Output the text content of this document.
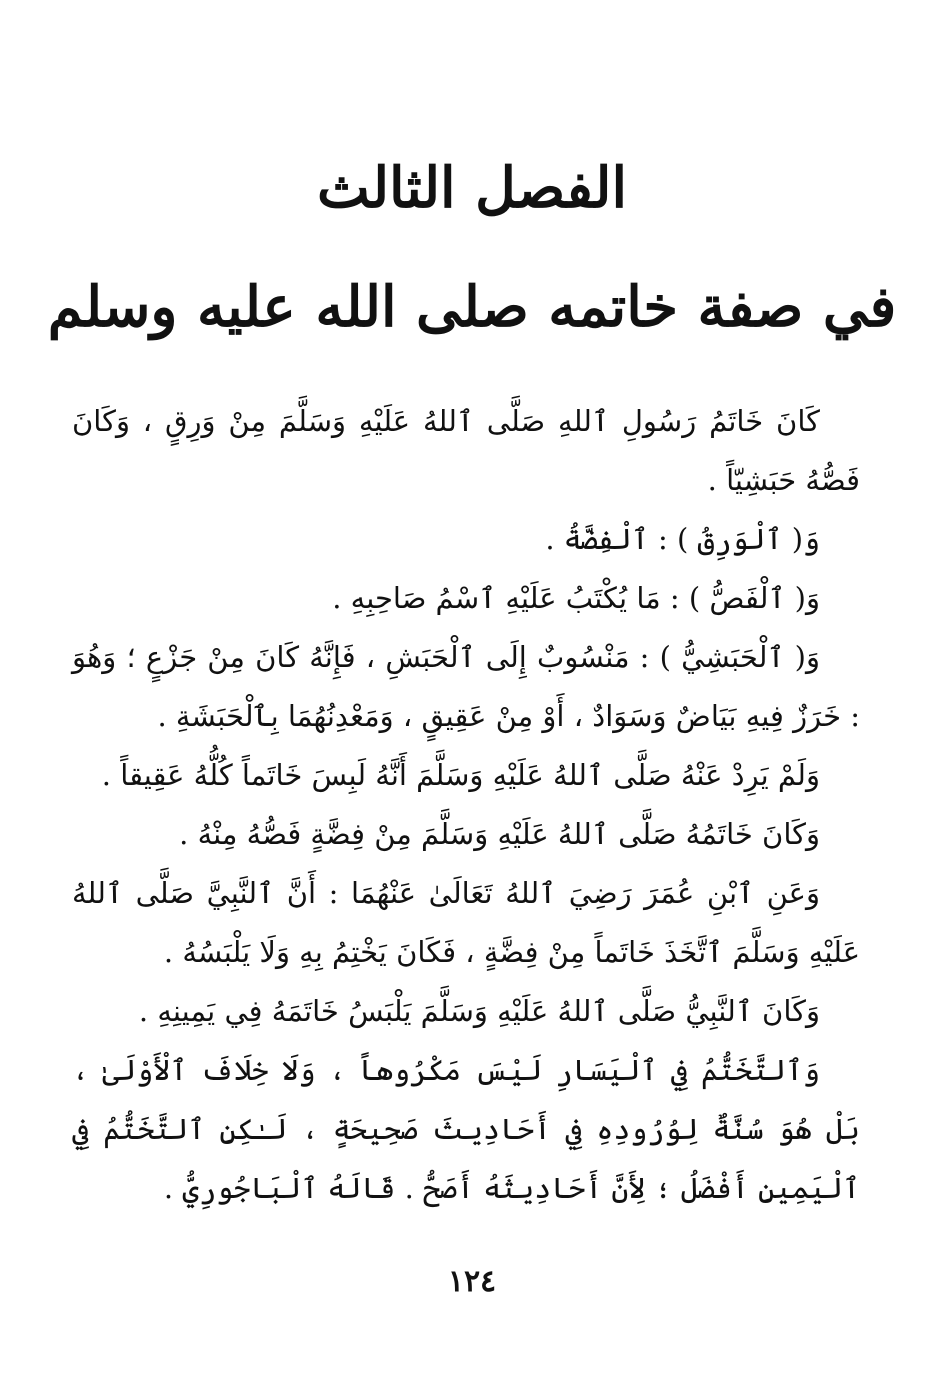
الفصل الثالث
في صفة خاتمه صلى الله عليه وسلم

كَانَ خَاتَمُ رَسُولِ ٱللهِ صَلَّى ٱللهُ عَلَيْهِ وَسَلَّمَ مِنْ وَرِقٍ ، وَكَانَ فَصُّهُ حَبَشِيّاً .

وَ( ٱلْوَرِقُ ) : ٱلْفِضَّةُ .

وَ( ٱلْفَصُّ ) : مَا يُكْتَبُ عَلَيْهِ ٱسْمُ صَاحِبِهِ .

وَ( ٱلْحَبَشِيُّ ) : مَنْسُوبٌ إِلَى ٱلْحَبَشِ ، فَإِنَّهُ كَانَ مِنْ جَزْعٍ ؛ وَهُوَ : خَرَزٌ فِيهِ بَيَاضٌ وَسَوَادٌ ، أَوْ مِنْ عَقِيقٍ ، وَمَعْدِنُهُمَا بِٱلْحَبَشَةِ .

وَلَمْ يَرِدْ عَنْهُ صَلَّى ٱللهُ عَلَيْهِ وَسَلَّمَ أَنَّهُ لَبِسَ خَاتَماً كُلُّهُ عَقِيقاً .

وَكَانَ خَاتَمُهُ صَلَّى ٱللهُ عَلَيْهِ وَسَلَّمَ مِنْ فِضَّةٍ فَصُّهُ مِنْهُ .

وَعَنِ ٱبْنِ عُمَرَ رَضِيَ ٱللهُ تَعَالَىٰ عَنْهُمَا : أَنَّ ٱلنَّبِيَّ صَلَّى ٱللهُ عَلَيْهِ وَسَلَّمَ ٱتَّخَذَ خَاتَماً مِنْ فِضَّةٍ ، فَكَانَ يَخْتِمُ بِهِ وَلَا يَلْبَسُهُ .

وَكَانَ ٱلنَّبِيُّ صَلَّى ٱللهُ عَلَيْهِ وَسَلَّمَ يَلْبَسُ خَاتَمَهُ فِي يَمِينِهِ .

وَٱلتَّخَتُّمُ فِي ٱلْيَسَارِ لَيْسَ مَكْرُوهاً ، وَلَا خِلَافَ ٱلْأَوْلَىٰ ، بَلْ هُوَ سُنَّةٌ لِوُرُودِهِ فِي أَحَادِيثَ صَحِيحَةٍ ، لَـٰكِنِ ٱلتَّخَتُّمُ فِي ٱلْيَمِينِ أَفْضَلُ ؛ لِأَنَّ أَحَادِيثَهُ أَصَحُّ . قَالَهُ ٱلْبَاجُورِيُّ .

١٢٤
